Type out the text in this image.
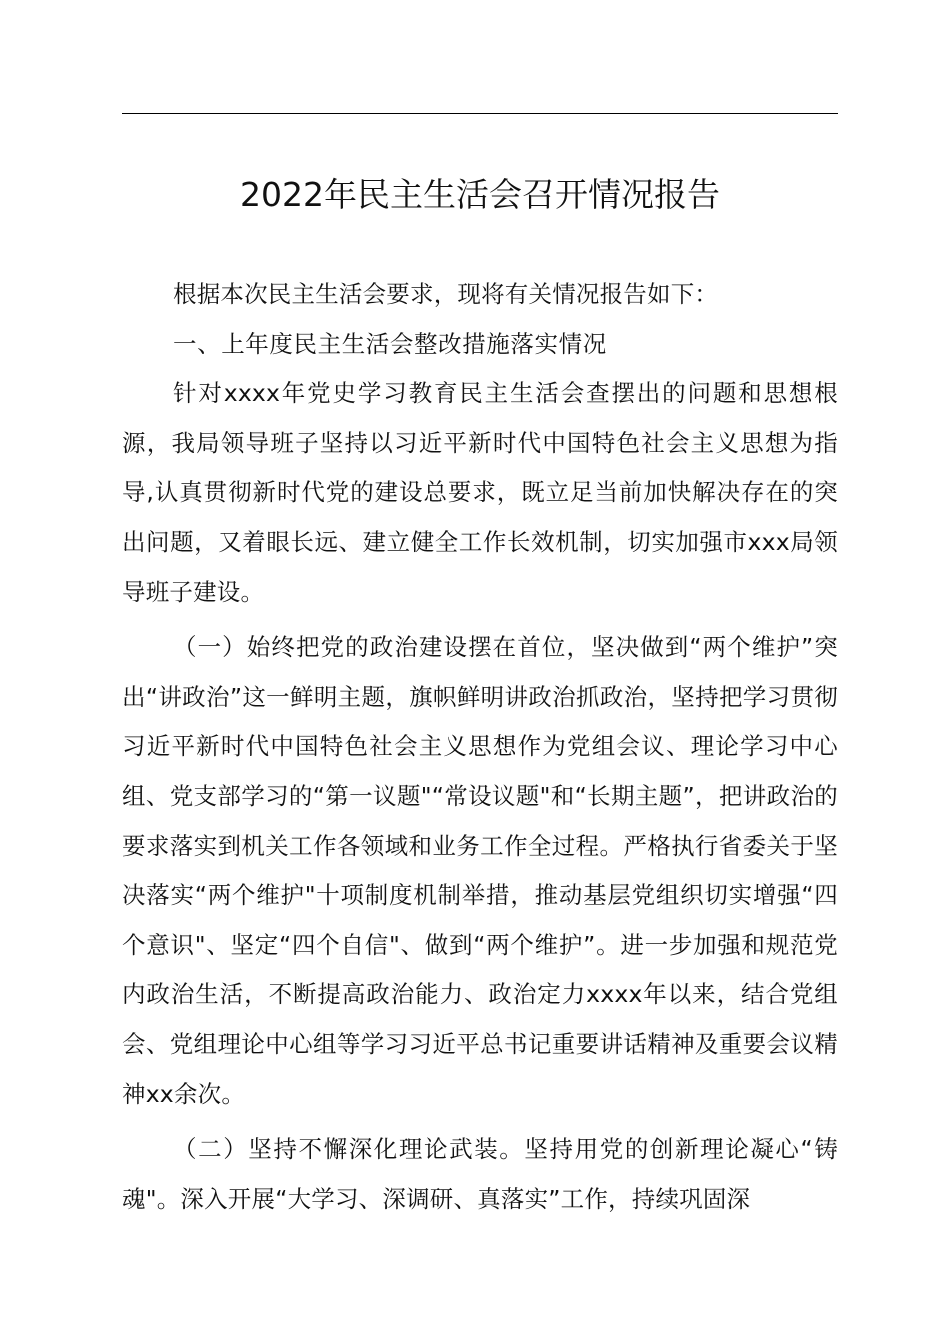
2022年民主生活会召开情况报告

根据本次民主生活会要求，现将有关情况报告如下：

一、上年度民主生活会整改措施落实情况

针对xxxx年党史学习教育民主生活会查摆出的问题和思想根源，我局领导班子坚持以习近平新时代中国特色社会主义思想为指导,认真贯彻新时代党的建设总要求，既立足当前加快解决存在的突出问题，又着眼长远、建立健全工作长效机制，切实加强市xxx局领导班子建设。

（一）始终把党的政治建设摆在首位，坚决做到“两个维护”突出“讲政治”这一鲜明主题，旗帜鲜明讲政治抓政治，坚持把学习贯彻习近平新时代中国特色社会主义思想作为党组会议、理论学习中心组、党支部学习的“第一议题"“常设议题"和“长期主题”，把讲政治的要求落实到机关工作各领域和业务工作全过程。严格执行省委关于坚决落实“两个维护"十项制度机制举措，推动基层党组织切实增强“四个意识"、坚定“四个自信"、做到“两个维护”。进一步加强和规范党内政治生活，不断提高政治能力、政治定力xxxx年以来，结合党组会、党组理论中心组等学习习近平总书记重要讲话精神及重要会议精神xx余次。

（二）坚持不懈深化理论武装。坚持用党的创新理论凝心“铸魂"。深入开展“大学习、深调研、真落实”工作，持续巩固深
